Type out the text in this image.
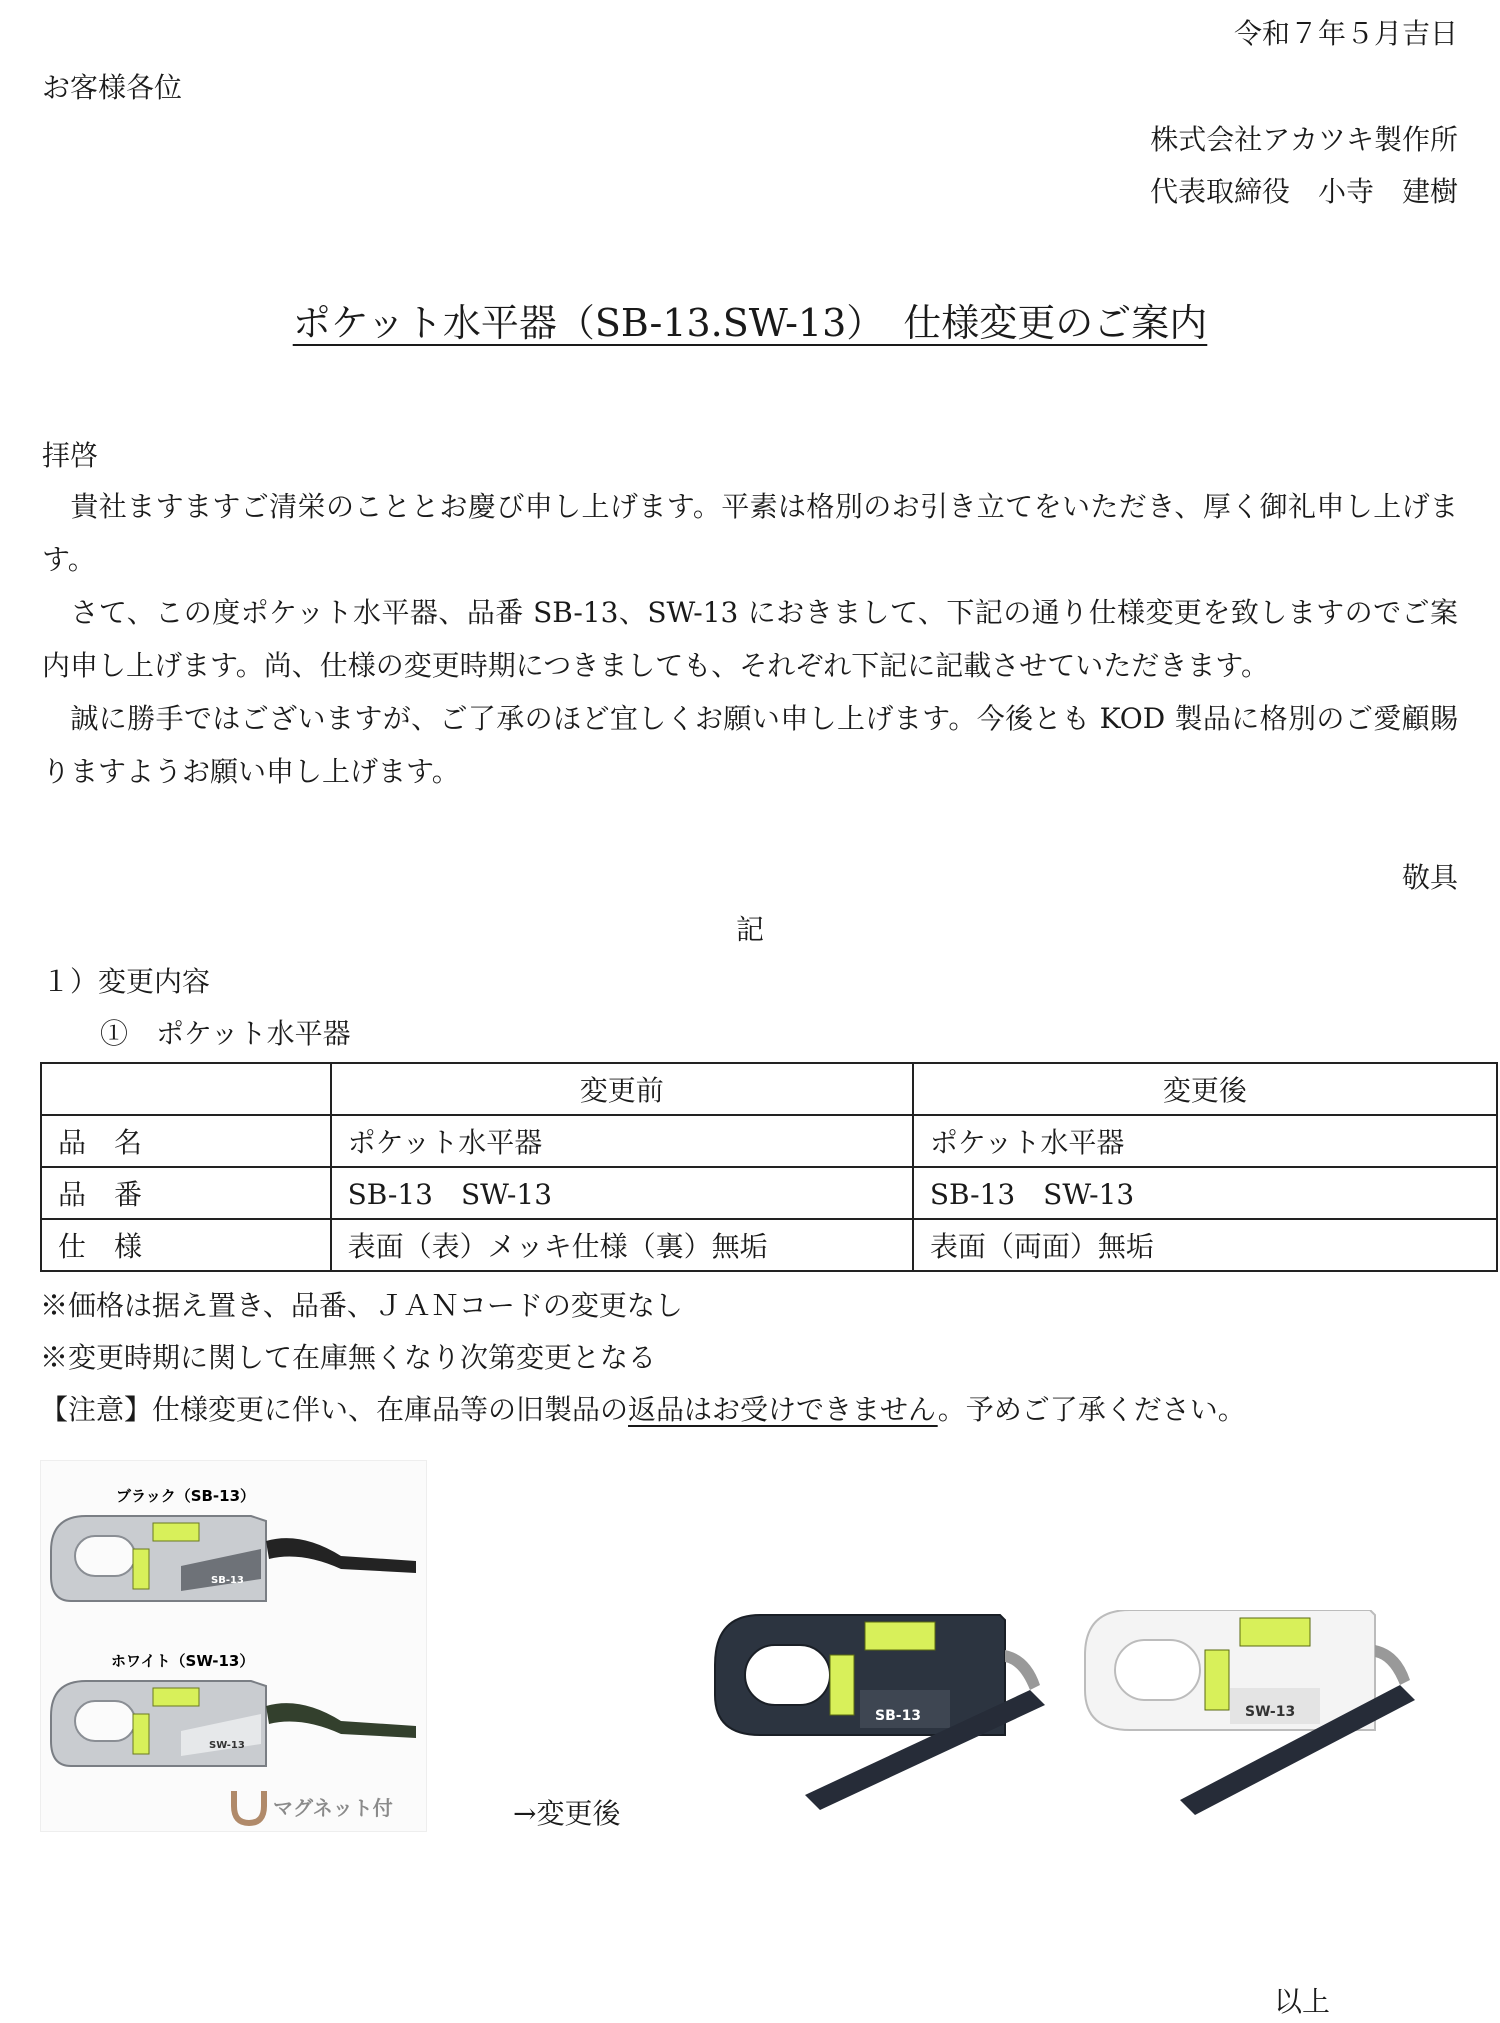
令和７年５月吉日
お客様各位
株式会社アカツキ製作所
代表取締役　小寺　建樹
ポケット水平器（SB-13.SW-13）　仕様変更のご案内
拝啓
　貴社ますますご清栄のこととお慶び申し上げます。平素は格別のお引き立てをいただき、厚く御礼申し上げます。
　さて、この度ポケット水平器、品番 SB-13、SW-13 におきまして、下記の通り仕様変更を致しますのでご案内申し上げます。尚、仕様の変更時期につきましても、それぞれ下記に記載させていただきます。
　誠に勝手ではございますが、ご了承のほど宜しくお願い申し上げます。今後とも KOD 製品に格別のご愛顧賜りますようお願い申し上げます。
敬具
記
１）変更内容
①　ポケット水平器
	変更前	変更後
品　名	ポケット水平器	ポケット水平器
品　番	SB-13　SW-13	SB-13　SW-13
仕　様	表面（表）メッキ仕様（裏）無垢	表面（両面）無垢
※価格は据え置き、品番、ＪＡＮコードの変更なし
※変更時期に関して在庫無くなり次第変更となる
【注意】仕様変更に伴い、在庫品等の旧製品の返品はお受けできません。予めご了承ください。
ブラック（SB-13）
SB-13
ホワイト（SW-13）
SW-13
マグネット付	→変更後
SB-13	SW-13
以上
